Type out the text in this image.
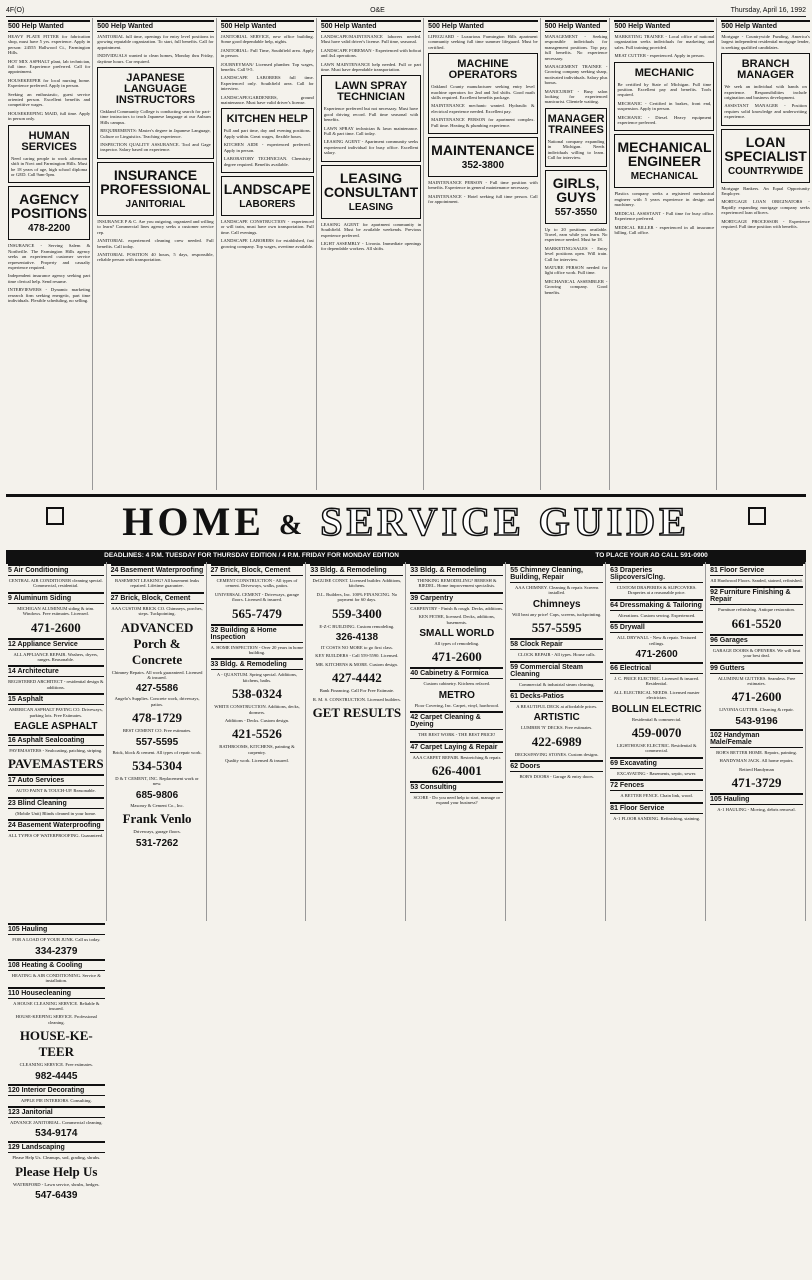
4F(O)	O&E	Thursday, April 16, 1992
500 Help Wanted

HEAVY PLATE FITTER for fabrication shop, must have 5 yrs. experience. Apply in person: 24555 Hallwood Ct., Farmington Hills.

HOT MIX ASPHALT plant, lab technician, full time. Experience preferred. Call for appointment.

HOUSEKEEPER for local nursing home. Experience preferred. Apply in person.

Seeking an enthusiastic, guest service oriented person. Excellent benefits and competitive wages.

HOUSEKEEPING MAID, full time. Apply in person only.

HUMAN SERVICES

Need caring people to work afternoon shift in Novi and Farmington Hills. Must be 18 years of age, high school diploma or GED. Call 9am-5pm.

AGENCY POSITIONS
478-2200

INSURANCE - Serving Salem & Northville. The Farmington Hills agency seeks an experienced customer service representative. Property and casualty experience required.

Independent insurance agency seeking part time clerical help. Send resume.

INTERVIEWERS - Dynamic marketing research firm seeking energetic, part time individuals. Flexible scheduling, no selling.

500 Help Wanted

JANITORIAL full time, openings for entry level positions in growing reputable organization. To start, full benefits. Call for appointment.

INDIVIDUALS wanted to clean homes, Monday thru Friday, daytime hours. Car required.

JAPANESE LANGUAGE INSTRUCTORS

Oakland Community College is conducting search for part-time instructors to teach Japanese language at our Auburn Hills campus.

REQUIREMENTS: Master's degree in Japanese Language, Culture or Linguistics. Teaching experience.

INSPECTION QUALITY ASSURANCE. Tool and Gage inspector. Salary based on experience.

INSURANCE PROFESSIONAL
JANITORIAL

INSURANCE P & C. Are you outgoing, organized and willing to learn? Commercial lines agency seeks a customer service rep.

JANITORIAL experienced cleaning crew needed. Full benefits. Call today.

JANITORIAL POSITION 40 hours, 5 days, responsible, reliable person with transportation.

500 Help Wanted

JANITORIAL SERVICE, new office building. Some good dependable help, nights.

JANITORIAL: Full Time, Southfield area. Apply in person.

JOURNEYMAN/ Licensed plumber. Top wages, benefits. Call 9-5.

LANDSCAPE LABORERS full time. Experienced only. Southfield area. Call for interview.

LANDSCAPE/GARDENERS, ground maintenance. Must have valid driver's license.

KITCHEN HELP

Full and part time, day and evening positions. Apply within. Great wages, flexible hours.

KITCHEN AIDE - experienced preferred. Apply in person.

LABORATORY TECHNICIAN. Chemistry degree required. Benefits available.

LANDSCAPE
LABORERS

LANDSCAPE CONSTRUCTION - experienced or will train, must have own transportation. Full time. Call evenings.

LANDSCAPE LABORERS for established, fast growing company. Top wages, overtime available.

500 Help Wanted

LANDSCAPE/MAINTENANCE laborers needed. Must have valid driver's license. Full time, seasonal.

LANDSCAPE FOREMAN - Experienced with bobcat and 4x4 operations.

LAWN MAINTENANCE help needed. Full or part time. Must have dependable transportation.

LAWN SPRAY TECHNICIAN

Experience preferred but not necessary. Must have good driving record. Full time seasonal with benefits.

LAWN SPRAY technician & lawn maintenance. Full & part time. Call today.

LEASING AGENT - Apartment community seeks experienced individual for busy office. Excellent salary.

LEASING CONSULTANT
LEASING

LEASING AGENT for apartment community in Southfield. Must be available weekends. Previous experience preferred.

LIGHT ASSEMBLY - Livonia. Immediate openings for dependable workers. All shifts.

500 Help Wanted

LIFEGUARD - Luxurious Farmington Hills apartment community seeking full time summer lifeguard. Must be certified.

MACHINE OPERATORS

Oakland County manufacturer seeking entry level machine operators for 2nd and 3rd shifts. Good math skills required. Excellent benefits package.

MAINTENANCE mechanic wanted. Hydraulic & electrical experience needed. Excellent pay.

MAINTENANCE PERSON for apartment complex. Full time. Heating & plumbing experience.

MAINTENANCE
352-3800

MAINTENANCE PERSON - Full time position with benefits. Experience in general maintenance necessary.

MAINTENANCE - Hotel seeking full time person. Call for appointment.

500 Help Wanted

MANAGEMENT - Seeking responsible individuals for management positions. Top pay, full benefits. No experience necessary.

MANAGEMENT TRAINEE - Growing company seeking sharp, motivated individuals. Salary plus bonus.

MANICURIST - Busy salon looking for experienced manicurist. Clientele waiting.

MANAGER TRAINEES

National company expanding in Michigan. Needs individuals willing to learn. Call for interview.

GIRLS, GUYS
557-3550

Up to 20 positions available. Travel, earn while you learn. No experience needed. Must be 18.

MARKETING/SALES - Entry level positions open. Will train. Call for interview.

MATURE PERSON needed for light office work. Full time.

MECHANICAL ASSEMBLER - Growing company. Good benefits.

500 Help Wanted

MARKETING TRAINEE - Local office of national organization seeks individuals for marketing and sales. Full training provided.

MEAT CUTTER - experienced. Apply in person.

MECHANIC

Be certified by State of Michigan. Full time position. Excellent pay and benefits. Tools required.

MECHANIC - Certified in brakes, front end, suspension. Apply in person.

MECHANIC - Diesel. Heavy equipment experience preferred.

MECHANICAL ENGINEER
MECHANICAL

Plastics company seeks a registered mechanical engineer with 5 years experience in design and machinery.

MEDICAL ASSISTANT - Full time for busy office. Experience preferred.

MEDICAL BILLER - experienced in all insurance billing. Call office.

500 Help Wanted

Mortgage - Countrywide Funding, America's largest independent residential mortgage lender, is seeking qualified candidates.

BRANCH MANAGER

We seek an individual with hands on experience. Responsibilities include origination and business development.

ASSISTANT MANAGER - Position requires solid knowledge and underwriting experience.

LOAN SPECIALIST
COUNTRYWIDE

Mortgage Bankers. An Equal Opportunity Employer.

MORTGAGE LOAN ORIGINATORS - Rapidly expanding mortgage company seeks experienced loan officers.

MORTGAGE PROCESSOR - Experience required. Full time position with benefits.

HOME & SERVICE GUIDE
DEADLINES: 4 P.M. TUESDAY FOR THURSDAY EDITION / 4 P.M. FRIDAY FOR MONDAY EDITION	TO PLACE YOUR AD CALL 591-0900
5 Air Conditioning

CENTRAL AIR CONDITIONER cleaning special. Commercial, residential.

9 Aluminum Siding

MICHIGAN ALUMINUM siding & trim. Windows. Free estimates. Licensed.

471-2600
12 Appliance Service

ALL APPLIANCE REPAIR. Washers, dryers, ranges. Reasonable.

14 Architecture

REGISTERED ARCHITECT - residential design & additions.

15 Asphalt

AMERICAN ASPHALT PAVING CO. Driveways, parking lots. Free Estimates.

EAGLE ASPHALT
16 Asphalt Sealcoating

PAVEMASTERS - Sealcoating, patching, striping.

PAVEMASTERS
17 Auto Services

AUTO PAINT & TOUCH-UP. Reasonable.

23 Blind Cleaning

(Mobile Unit) Blinds cleaned in your home.

24 Basement Waterproofing

ALL TYPES OF WATERPROOFING. Guaranteed.

24 Basement Waterproofing

BASEMENT LEAKING? All basement leaks repaired. Lifetime guarantee.

27 Brick, Block, Cement

AAA CUSTOM BRICK CO. Chimneys, porches, steps. Tuckpointing.

ADVANCED Porch & Concrete

Chimney Repairs. All work guaranteed. Licensed & insured.

427-5586

Angelo's Supplies. Concrete work, driveways, patios.

478-1729

BEST CEMENT CO. Free estimates.

557-5595

Brick, block & cement. All types of repair work.

534-5304

D & T CEMENT, INC. Replacement work or new.

685-9806

Masonry & Cement Co., Inc.

Frank Venlo

Driveways, garage floors.

531-7262
27 Brick, Block, Cement

CEMENT CONSTRUCTION - All types of cement. Driveways, walks, patios.

UNIVERSAL CEMENT - Driveways, garage floors. Licensed & insured.

565-7479
32 Building & Home Inspection

A. HOME INSPECTION - Over 20 years in home building.

33 Bldg. & Remodeling

A - QUANTUM. Spring special. Additions, kitchens, baths.

538-0324

WHITE CONSTRUCTION. Additions, decks, dormers.

Additions - Decks. Custom design.

421-5526

BATHROOMS, KITCHENS, painting & carpentry.

Quality work. Licensed & insured.

33 Bldg. & Remodeling

DeGUISE CONST. Licensed builder. Additions, kitchens.

D.L. Builders, Inc. 100% FINANCING. No payment for 60 days.

559-3400

E-Z-C BUILDING. Custom remodeling.

326-4138

IT COSTS NO MORE to go first class.

KEY BUILDERS - Call 559-5590. Licensed.

MR. KITCHENS & MORE. Custom design.

427-4442

Bank Financing. Call For Free Estimate.

R. M. S. CONSTRUCTION. Licensed builders.

GET RESULTS
33 Bldg. & Remodeling

THINKING REMODELING? BERESH & RIEDEL. Home improvement specialists.

39 Carpentry

CARPENTRY - Finish & rough. Decks, additions.

KEN FETHE, licensed. Decks, additions, basements.

SMALL WORLD

All types of remodeling.

471-2600
40 Cabinetry & Formica

Custom cabinetry. Kitchens refaced.

METRO

Floor Covering, Inc. Carpet, vinyl, hardwood.

42 Carpet Cleaning & Dyeing

THE BEST WORK - THE BEST PRICE!

47 Carpet Laying & Repair

AAA CARPET REPAIR. Restretching & repair.

626-4001
53 Consulting

SCORE - Do you need help to start, manage or expand your business?

55 Chimney Cleaning, Building, Repair

AAA CHIMNEY. Cleaning & repair. Screens installed.

Chimneys

Will beat any price! Caps, screens, tuckpointing.

557-5595
58 Clock Repair

CLOCK REPAIR - All types. House calls.

59 Commercial Steam Cleaning

Commercial & industrial steam cleaning.

61 Decks-Patios

A BEAUTIFUL DECK at affordable prices.

ARTISTIC

LUMBER 'N' DECKS. Free estimates.

422-6989

DECKS/PAVING STONES. Custom designs.

62 Doors

BOB'S DOORS - Garage & entry doors.

63 Draperies Slipcovers/Clng.

CUSTOM DRAPERIES & SLIPCOVERS. Draperies at a reasonable price.

64 Dressmaking & Tailoring

Alterations. Custom sewing. Experienced.

65 Drywall

ALL DRYWALL - New & repair. Textured ceilings.

471-2600
66 Electrical

J. C. PRICE ELECTRIC. Licensed & insured. Residential.

ALL ELECTRICAL NEEDS. Licensed master electrician.

BOLLIN ELECTRIC

Residential & commercial.

459-0070

LIGHTHOUSE ELECTRIC. Residential & commercial.

69 Excavating

EXCAVATING - Basements, septic, sewer.

72 Fences

A BETTER FENCE. Chain link, wood.

81 Floor Service

A-1 FLOOR SANDING. Refinishing, staining.

81 Floor Service

All Hardwood Floors. Sanded, stained, refinished.

92 Furniture Finishing & Repair

Furniture refinishing. Antique restoration.

661-5520
96 Garages

GARAGE DOORS & OPENERS. We will beat your best deal.

99 Gutters

ALUMINUM GUTTERS. Seamless. Free estimates.

471-2600

LIVONIA GUTTER. Cleaning & repair.

543-9196
102 Handyman Male/Female

BOB'S BETTER HOME. Repairs, painting.

HANDYMAN JACK. All home repairs.

Retired Handyman

471-3729
105 Hauling

A-1 HAULING - Moving, debris removal.

105 Hauling

FOR A LOAD OF YOUR JUNK. Call us today.

334-2379
108 Heating & Cooling

HEATING & AIR CONDITIONING. Service & installation.

110 Housecleaning

A HOUSE CLEANING SERVICE. Reliable & insured.

HOUSE-KEEPING SERVICE. Professional cleaning.

HOUSE-KE-TEER

CLEANING SERVICE. Free estimates.

982-4445
120 Interior Decorating

APPLE PIE INTERIORS. Consulting.

123 Janitorial

ADVANCE JANITORIAL. Commercial cleaning.

534-9174
129 Landscaping

Please Help Us. Cleanups, sod, grading, shrubs.

Please Help Us

WATERFORD - Lawn service, shrubs, hedges.

547-6439
